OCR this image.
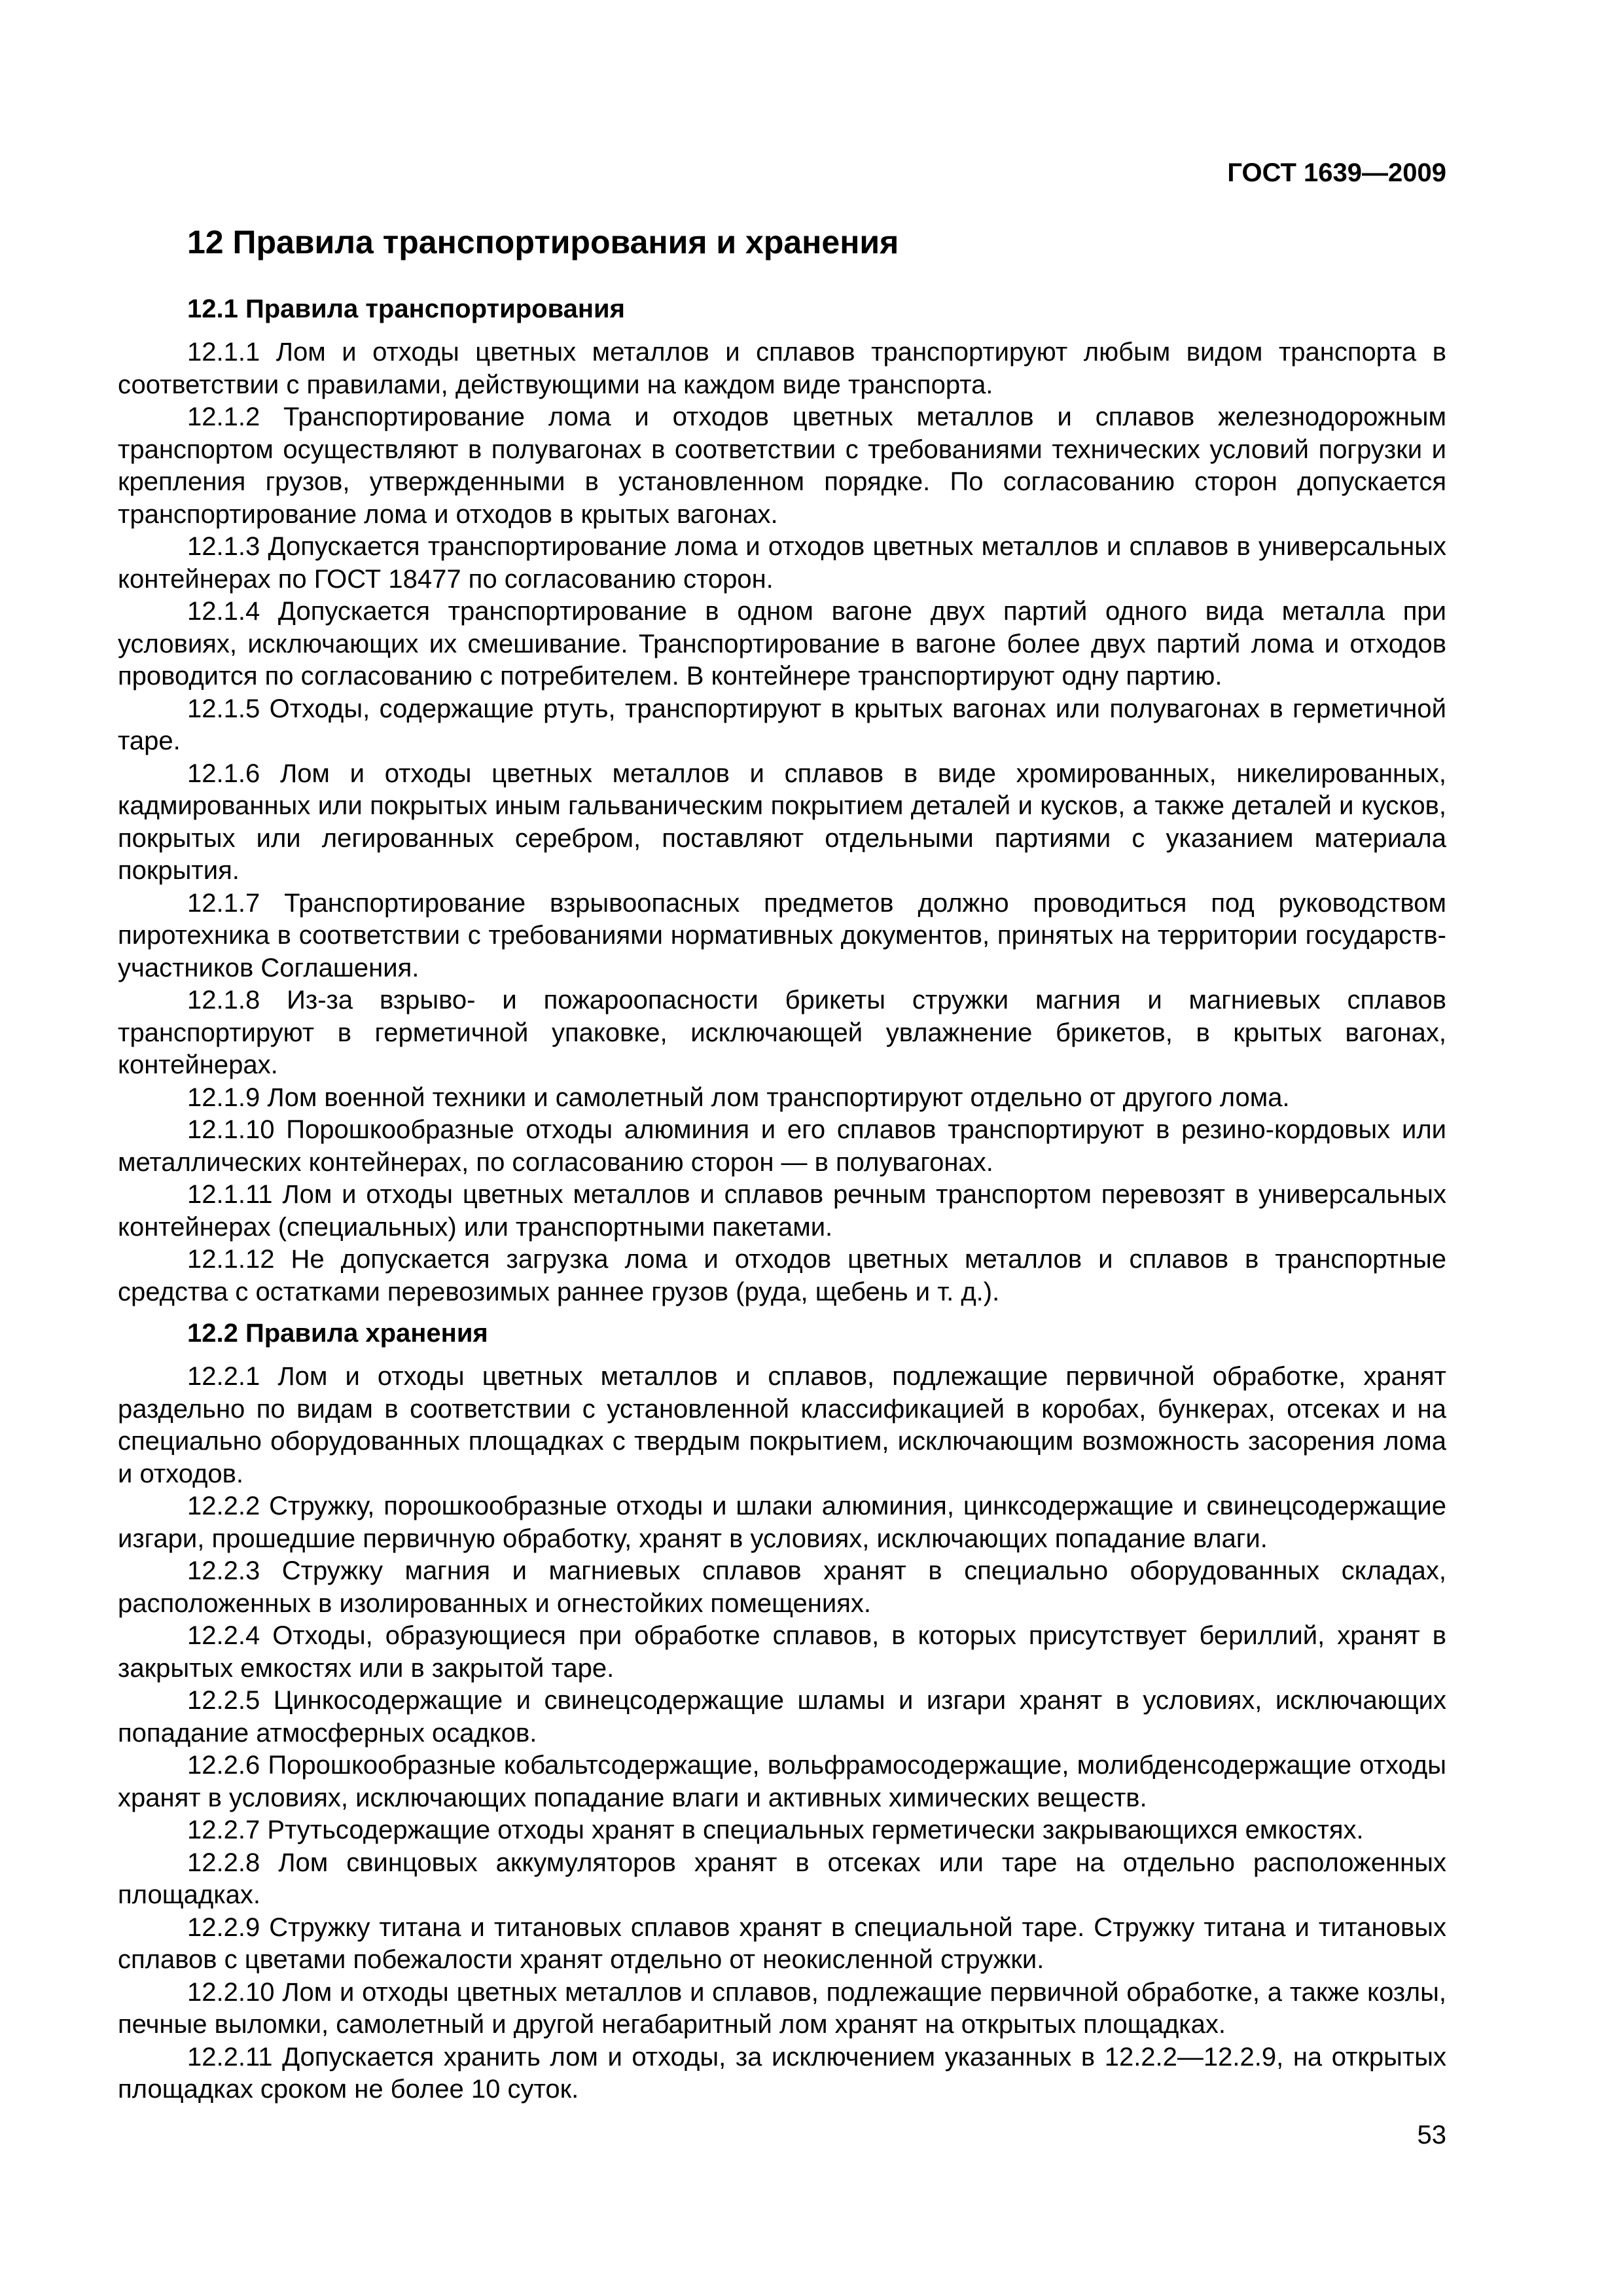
ГОСТ 1639—2009
12 Правила транспортирования и хранения
12.1 Правила транспортирования

12.1.1 Лом и отходы цветных металлов и сплавов транспортируют любым видом транспорта в соответствии с правилами, действующими на каждом виде транспорта.

12.1.2 Транспортирование лома и отходов цветных металлов и сплавов железнодорожным транспортом осуществляют в полувагонах в соответствии с требованиями технических условий погрузки и крепления грузов, утвержденными в установленном порядке. По согласованию сторон допускается транспортирование лома и отходов в крытых вагонах.

12.1.3 Допускается транспортирование лома и отходов цветных металлов и сплавов в универсальных контейнерах по ГОСТ 18477 по согласованию сторон.

12.1.4 Допускается транспортирование в одном вагоне двух партий одного вида металла при условиях, исключающих их смешивание. Транспортирование в вагоне более двух партий лома и отходов проводится по согласованию с потребителем. В контейнере транспортируют одну партию.

12.1.5 Отходы, содержащие ртуть, транспортируют в крытых вагонах или полувагонах в герметичной таре.

12.1.6 Лом и отходы цветных металлов и сплавов в виде хромированных, никелированных, кадмированных или покрытых иным гальваническим покрытием деталей и кусков, а также деталей и кусков, покрытых или легированных серебром, поставляют отдельными партиями с указанием материала покрытия.

12.1.7 Транспортирование взрывоопасных предметов должно проводиться под руководством пиротехника в соответствии с требованиями нормативных документов, принятых на территории государств-участников Соглашения.

12.1.8 Из-за взрыво- и пожароопасности брикеты стружки магния и магниевых сплавов транспортируют в герметичной упаковке, исключающей увлажнение брикетов, в крытых вагонах, контейнерах.

12.1.9 Лом военной техники и самолетный лом транспортируют отдельно от другого лома.

12.1.10 Порошкообразные отходы алюминия и его сплавов транспортируют в резино-кордовых или металлических контейнерах, по согласованию сторон — в полувагонах.

12.1.11 Лом и отходы цветных металлов и сплавов речным транспортом перевозят в универсальных контейнерах (специальных) или транспортными пакетами.

12.1.12 Не допускается загрузка лома и отходов цветных металлов и сплавов в транспортные средства с остатками перевозимых раннее грузов (руда, щебень и т. д.).

12.2 Правила хранения

12.2.1 Лом и отходы цветных металлов и сплавов, подлежащие первичной обработке, хранят раздельно по видам в соответствии с установленной классификацией в коробах, бункерах, отсеках и на специально оборудованных площадках с твердым покрытием, исключающим возможность засорения лома и отходов.

12.2.2 Стружку, порошкообразные отходы и шлаки алюминия, цинксодержащие и свинецсодержащие изгари, прошедшие первичную обработку, хранят в условиях, исключающих попадание влаги.

12.2.3 Стружку магния и магниевых сплавов хранят в специально оборудованных складах, расположенных в изолированных и огнестойких помещениях.

12.2.4 Отходы, образующиеся при обработке сплавов, в которых присутствует бериллий, хранят в закрытых емкостях или в закрытой таре.

12.2.5 Цинкосодержащие и свинецсодержащие шламы и изгари хранят в условиях, исключающих попадание атмосферных осадков.

12.2.6 Порошкообразные кобальтсодержащие, вольфрамосодержащие, молибденсодержащие отходы хранят в условиях, исключающих попадание влаги и активных химических веществ.

12.2.7 Ртутьсодержащие отходы хранят в специальных герметически закрывающихся емкостях.

12.2.8 Лом свинцовых аккумуляторов хранят в отсеках или таре на отдельно расположенных площадках.

12.2.9 Стружку титана и титановых сплавов хранят в специальной таре. Стружку титана и титановых сплавов с цветами побежалости хранят отдельно от неокисленной стружки.

12.2.10 Лом и отходы цветных металлов и сплавов, подлежащие первичной обработке, а также козлы, печные выломки, самолетный и другой негабаритный лом хранят на открытых площадках.

12.2.11 Допускается хранить лом и отходы, за исключением указанных в 12.2.2—12.2.9, на открытых площадках сроком не более 10 суток.

53
